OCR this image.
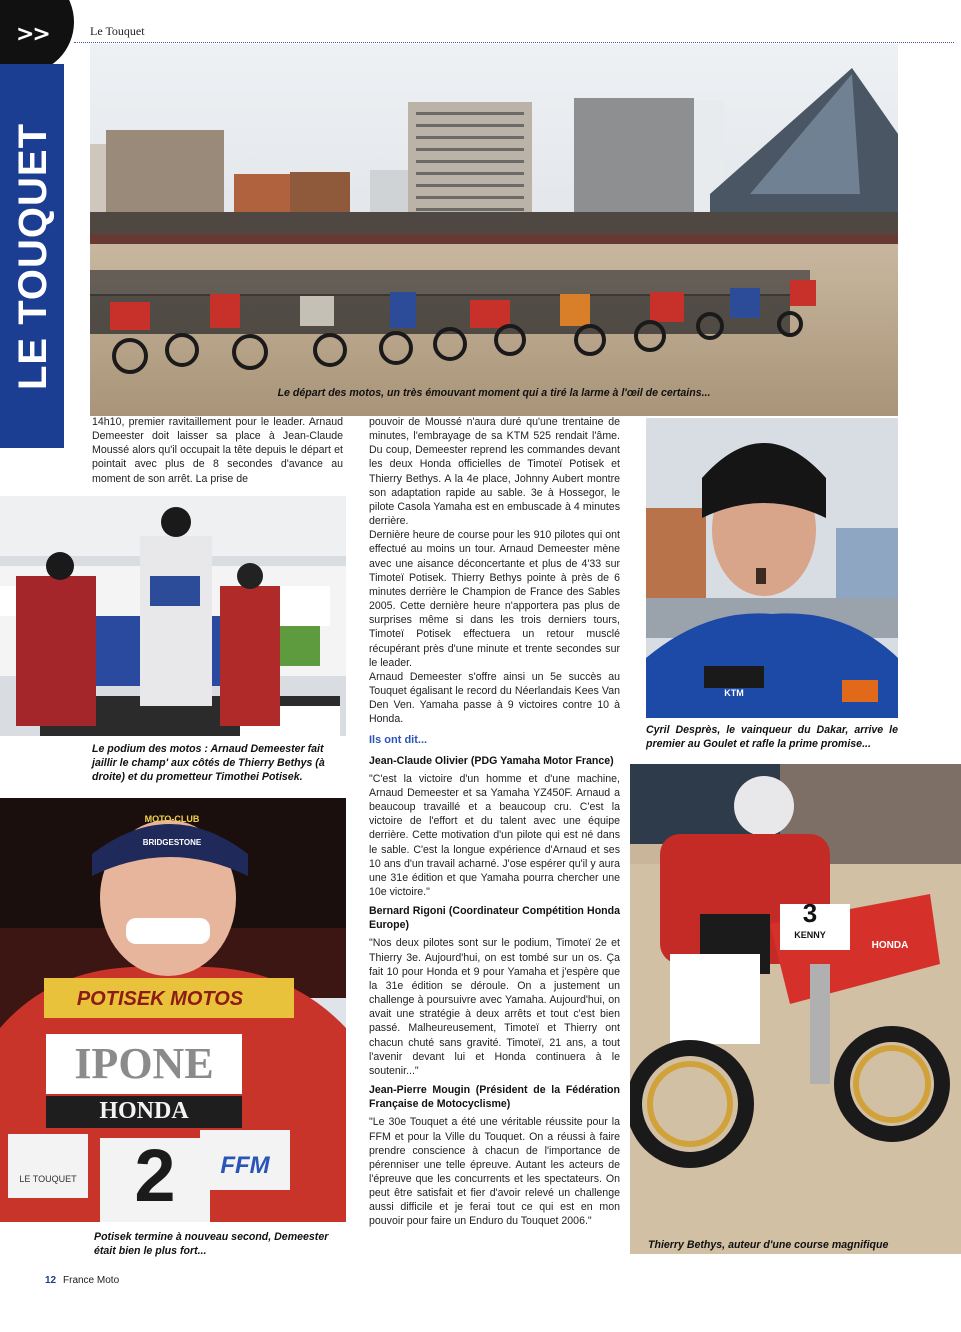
>>	Le Touquet
LE TOUQUET
Le départ des motos, un très émouvant moment qui a tiré la larme à l'œil de certains...
Le podium des motos : Arnaud Demeester fait jaillir le champ' aux côtés de Thierry Bethys (à droite) et du prometteur Timothei Potisek.
MOTO-CLUB
BRIDGESTONE
POTISEK MOTOS
IPONE
HONDA
2
LE TOUQUET	FFM
Potisek termine à nouveau second, Demeester était bien le plus fort...

14h10, premier ravitaillement pour le leader. Arnaud Demeester doit laisser sa place à Jean-Claude Moussé alors qu'il occupait la tête depuis le départ et pointait avec plus de 8 secondes d'avance au moment de son arrêt. La prise de

pouvoir de Moussé n'aura duré qu'une trentaine de minutes, l'embrayage de sa KTM 525 rendait l'âme. Du coup, Demeester reprend les commandes devant les deux Honda officielles de Timoteï Potisek et Thierry Bethys. A la 4e place, Johnny Aubert montre son adaptation rapide au sable. 3e à Hossegor, le pilote Casola Yamaha est en embuscade à 4 minutes derrière.

Dernière heure de course pour les 910 pilotes qui ont effectué au moins un tour. Arnaud Demeester mène avec une aisance déconcertante et plus de 4'33 sur Timoteï Potisek. Thierry Bethys pointe à près de 6 minutes derrière le Champion de France des Sables 2005. Cette dernière heure n'apportera pas plus de surprises même si dans les trois derniers tours, Timoteï Potisek effectuera un retour musclé récupérant près d'une minute et trente secondes sur le leader.

Arnaud Demeester s'offre ainsi un 5e succès au Touquet égalisant le record du Néerlandais Kees Van Den Ven. Yamaha passe à 9 victoires contre 10 à Honda.

Ils ont dit...

Jean-Claude Olivier (PDG Yamaha Motor France)

"C'est la victoire d'un homme et d'une machine, Arnaud Demeester et sa Yamaha YZ450F. Arnaud a beaucoup travaillé et a beaucoup cru. C'est la victoire de l'effort et du talent avec une équipe derrière. Cette motivation d'un pilote qui est né dans le sable. C'est la longue expérience d'Arnaud et ses 10 ans d'un travail acharné. J'ose espérer qu'il y aura une 31e édition et que Yamaha pourra chercher une 10e victoire."

Bernard Rigoni (Coordinateur Compétition Honda Europe)

"Nos deux pilotes sont sur le podium, Timoteï 2e et Thierry 3e. Aujourd'hui, on est tombé sur un os. Ça fait 10 pour Honda et 9 pour Yamaha et j'espère que la 31e édition se déroule. On a justement un challenge à poursuivre avec Yamaha. Aujourd'hui, on avait une stratégie à deux arrêts et tout c'est bien passé. Malheureusement, Timoteï et Thierry ont chacun chuté sans gravité. Timoteï, 21 ans, a tout l'avenir devant lui et Honda continuera à le soutenir..."

Jean-Pierre Mougin (Président de la Fédération Française de Motocyclisme)

"Le 30e Touquet a été une véritable réussite pour la FFM et pour la Ville du Touquet. On a réussi à faire prendre conscience à chacun de l'importance de pérenniser une telle épreuve. Autant les acteurs de l'épreuve que les concurrents et les spectateurs. On peut être satisfait et fier d'avoir relevé un challenge aussi difficile et je ferai tout ce qui est en mon pouvoir pour faire un Enduro du Touquet 2006."

KTM
Cyril Desprès, le vainqueur du Dakar, arrive le premier au Goulet et rafle la prime promise...
3
KENNY
HONDA
Thierry Bethys, auteur d'une course magnifique
12 France Moto
